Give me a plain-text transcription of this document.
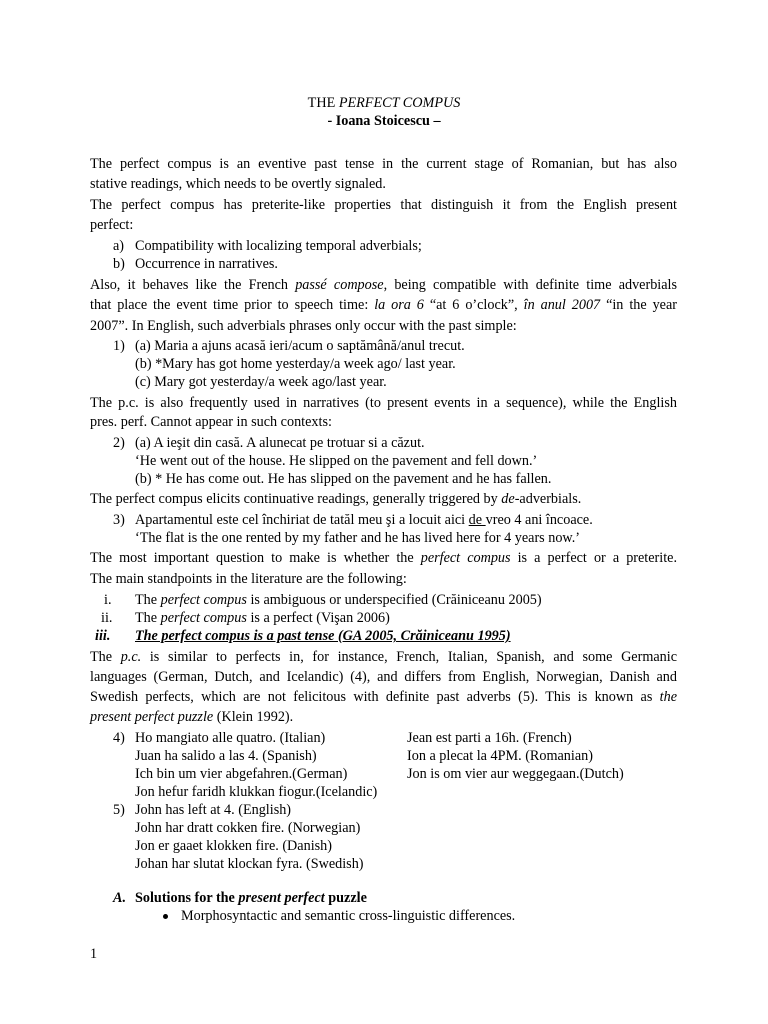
THE PERFECT COMPUS
- Ioana Stoicescu –
The perfect compus is an eventive past tense in the current stage of Romanian, but has also
stative readings, which needs to be overtly signaled.
The perfect compus has preterite-like properties that distinguish it from the English present
perfect:
a) Compatibility with localizing temporal adverbials;
b) Occurrence in narratives.
Also, it behaves like the French passé compose, being compatible with definite time adverbials
that place the event time prior to speech time: la ora 6 “at 6 o’clock”, în anul 2007 “in the year
2007”. In English, such adverbials phrases only occur with the past simple:
1) (a) Maria a ajuns acasă ieri/acum o saptămână/anul trecut.
(b) *Mary has got home yesterday/a week ago/ last year.
(c) Mary got yesterday/a week ago/last year.
The p.c. is also frequently used in narratives (to present events in a sequence), while the English
pres. perf. Cannot appear in such contexts:
2) (a) A ieşit din casă. A alunecat pe trotuar si a căzut.
‘He went out of the house. He slipped on the pavement and fell down.’
(b) * He has come out. He has slipped on the pavement and he has fallen.
The perfect compus elicits continuative readings, generally triggered by de-adverbials.
3) Apartamentul este cel închiriat de tatăl meu şi a locuit aici de vreo 4 ani încoace.
‘The flat is the one rented by my father and he has lived here for 4 years now.’
The most important question to make is whether the perfect compus is a perfect or a preterite.
The main standpoints in the literature are the following:
i. The perfect compus is ambiguous or underspecified (Crăiniceanu 2005)
ii. The perfect compus is a perfect (Vişan 2006)
iii. The perfect compus is a past tense (GA 2005, Crăiniceanu 1995)
The p.c. is similar to perfects in, for instance, French, Italian, Spanish, and some Germanic
languages (German, Dutch, and Icelandic) (4), and differs from English, Norwegian, Danish and
Swedish perfects, which are not felicitous with definite past adverbs (5). This is known as the
present perfect puzzle (Klein 1992).
4) Ho mangiato alle quatro. (Italian)
Juan ha salido a las 4. (Spanish)
Ich bin um vier abgefahren.(German)
Jon hefur faridh klukkan fiogur.(Icelandic)
Jean est parti a 16h. (French)
Ion a plecat la 4PM. (Romanian)
Jon is om vier aur weggegaan.(Dutch)
5) John has left at 4. (English)
John har dratt cokken fire. (Norwegian)
Jon er gaaet klokken fire. (Danish)
Johan har slutat klockan fyra. (Swedish)
A. Solutions for the present perfect puzzle
Morphosyntactic and semantic cross-linguistic differences.
1
